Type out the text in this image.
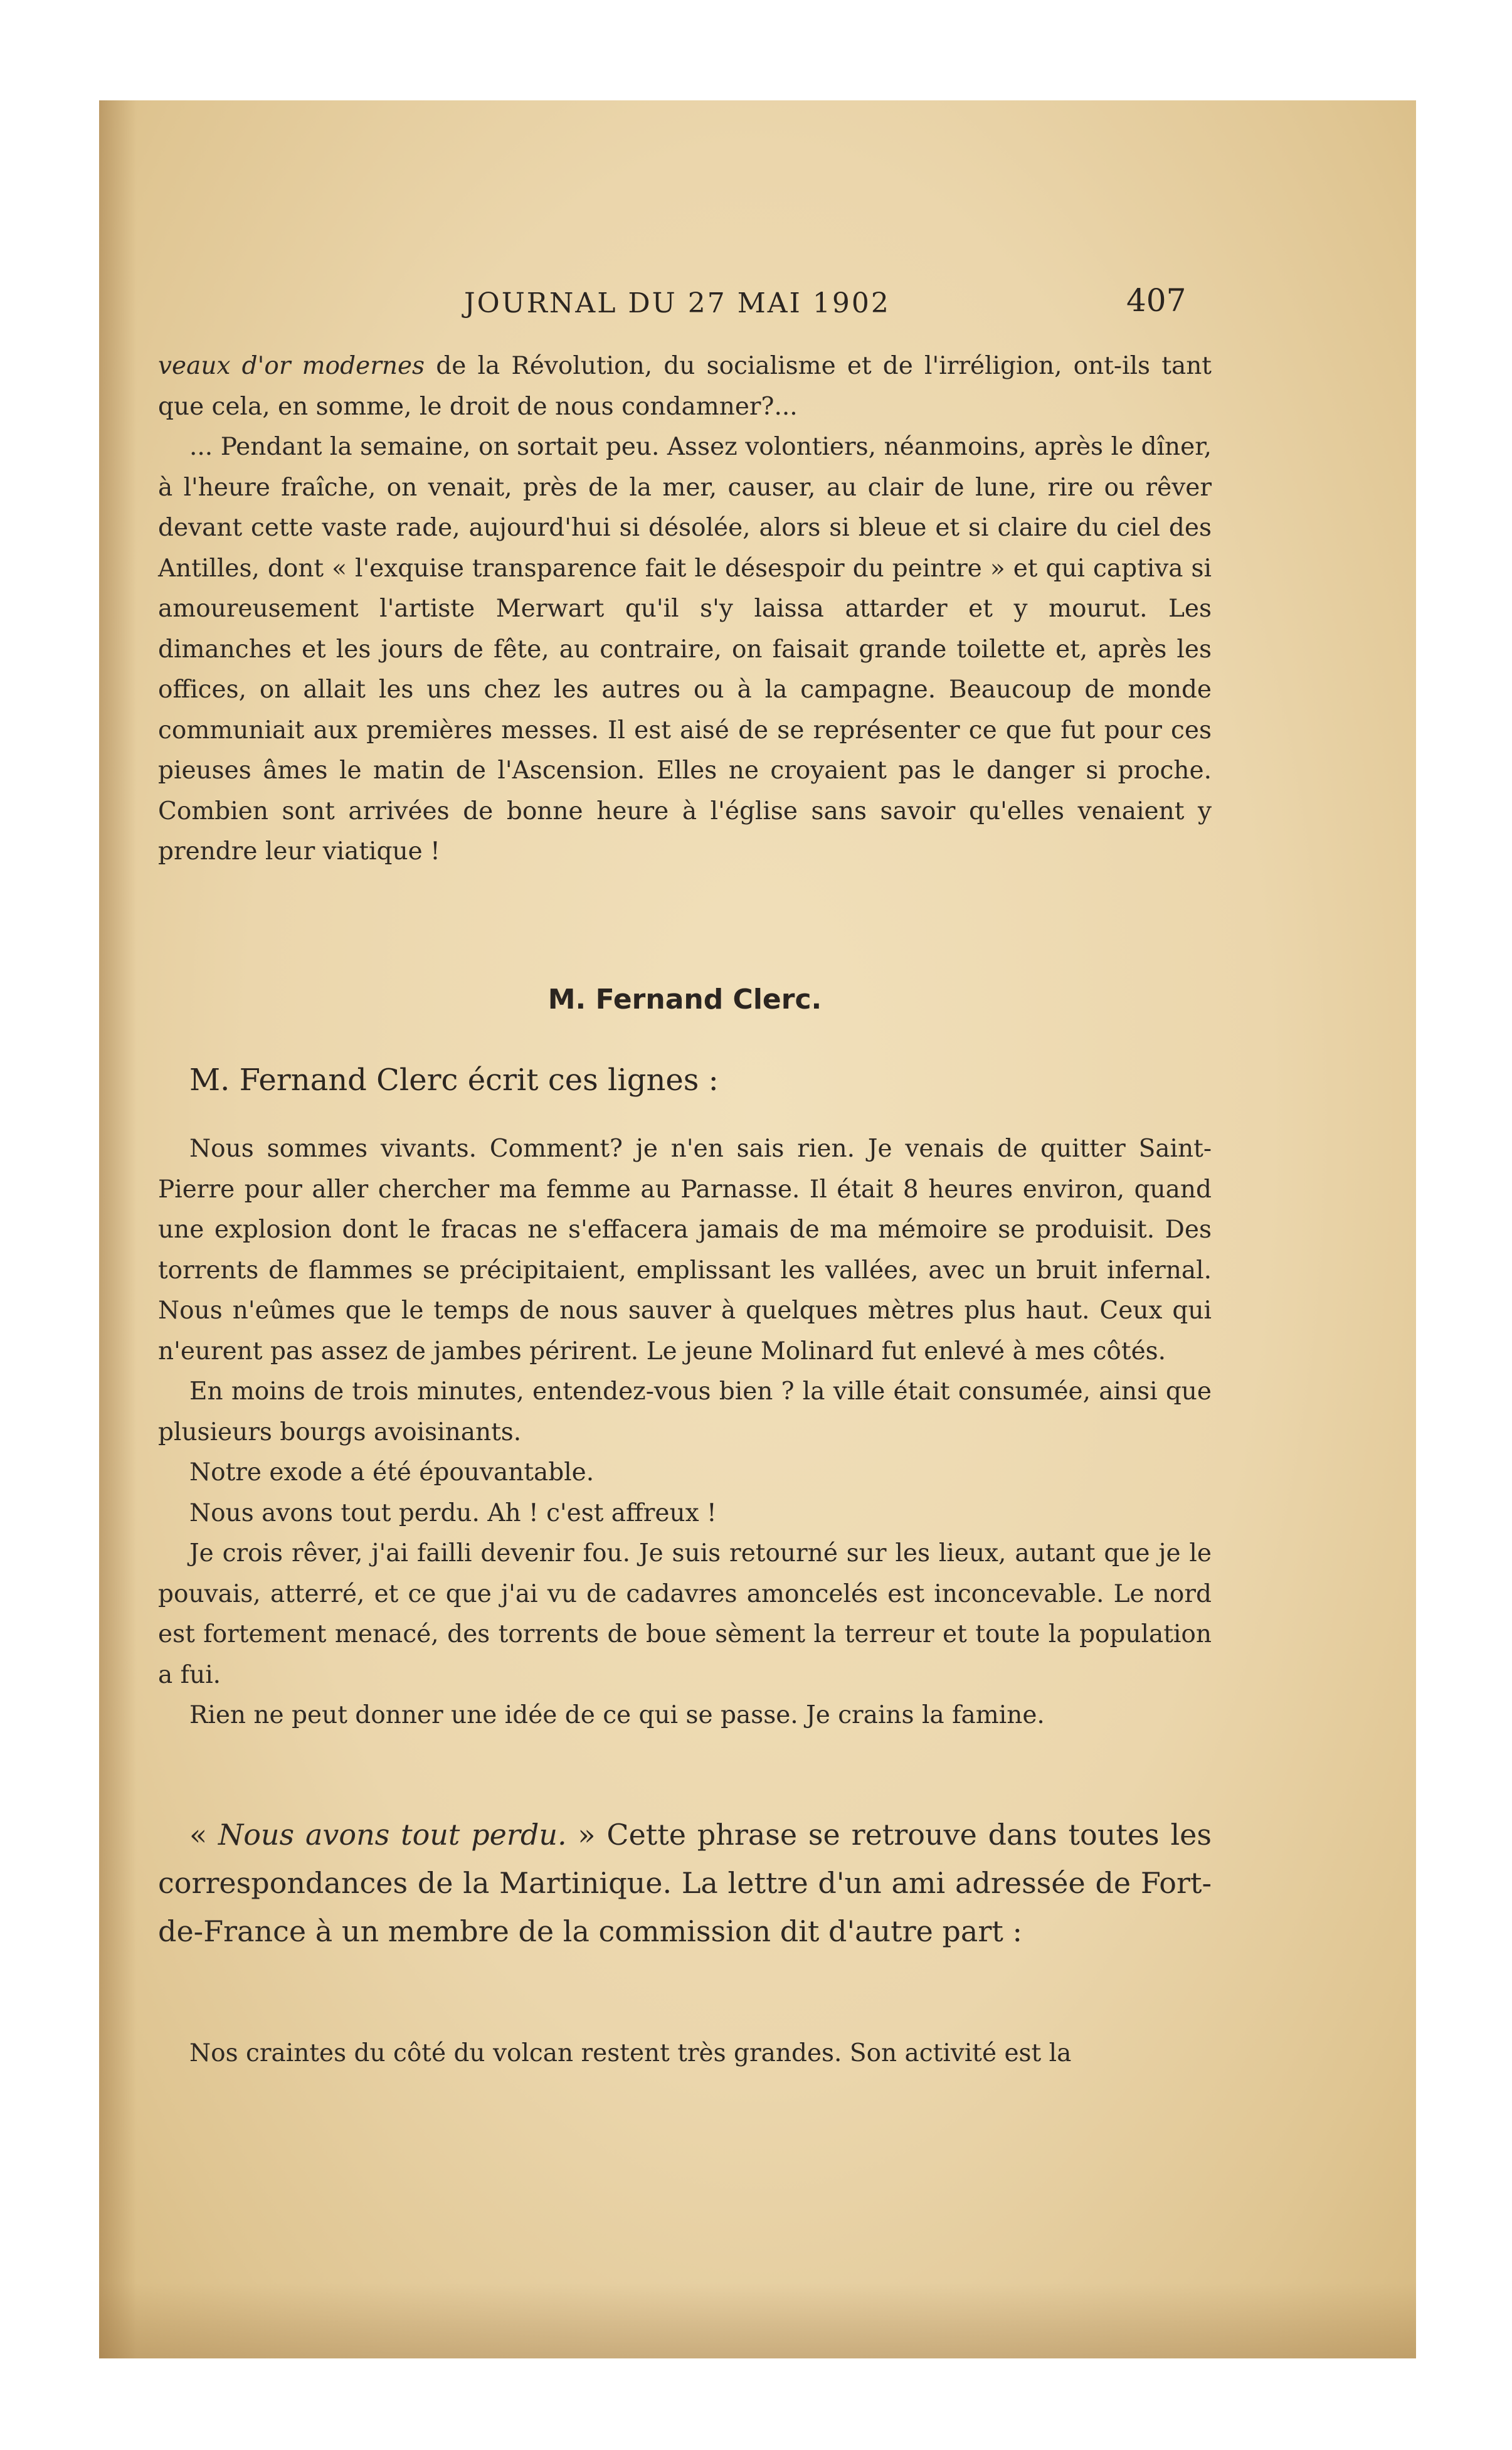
JOURNAL DU 27 MAI 1902	407

veaux d'or modernes de la Révolution, du socialisme et de l'irréligion, ont-ils tant que cela, en somme, le droit de nous condamner?...

... Pendant la semaine, on sortait peu. Assez volontiers, néanmoins, après le dîner, à l'heure fraîche, on venait, près de la mer, causer, au clair de lune, rire ou rêver devant cette vaste rade, aujourd'hui si désolée, alors si bleue et si claire du ciel des Antilles, dont « l'exquise transparence fait le désespoir du peintre » et qui captiva si amoureusement l'artiste Merwart qu'il s'y laissa attarder et y mourut. Les dimanches et les jours de fête, au contraire, on faisait grande toilette et, après les offices, on allait les uns chez les autres ou à la campagne. Beaucoup de monde communiait aux premières messes. Il est aisé de se représenter ce que fut pour ces pieuses âmes le matin de l'Ascension. Elles ne croyaient pas le danger si proche. Combien sont arrivées de bonne heure à l'église sans savoir qu'elles venaient y prendre leur viatique !

M. Fernand Clerc.
M. Fernand Clerc écrit ces lignes :

Nous sommes vivants. Comment? je n'en sais rien. Je venais de quitter Saint-Pierre pour aller chercher ma femme au Parnasse. Il était 8 heures environ, quand une explosion dont le fracas ne s'effacera jamais de ma mémoire se produisit. Des torrents de flammes se précipitaient, emplissant les vallées, avec un bruit infernal. Nous n'eûmes que le temps de nous sauver à quelques mètres plus haut. Ceux qui n'eurent pas assez de jambes périrent. Le jeune Molinard fut enlevé à mes côtés.

En moins de trois minutes, entendez-vous bien ? la ville était consumée, ainsi que plusieurs bourgs avoisinants.

Notre exode a été épouvantable.

Nous avons tout perdu. Ah ! c'est affreux !

Je crois rêver, j'ai failli devenir fou. Je suis retourné sur les lieux, autant que je le pouvais, atterré, et ce que j'ai vu de cadavres amoncelés est inconcevable. Le nord est fortement menacé, des torrents de boue sèment la terreur et toute la population a fui.

Rien ne peut donner une idée de ce qui se passe. Je crains la famine.

« Nous avons tout perdu. » Cette phrase se retrouve dans toutes les correspondances de la Martinique. La lettre d'un ami adressée de Fort-de-France à un membre de la commission dit d'autre part :

Nos craintes du côté du volcan restent très grandes. Son activité est la
